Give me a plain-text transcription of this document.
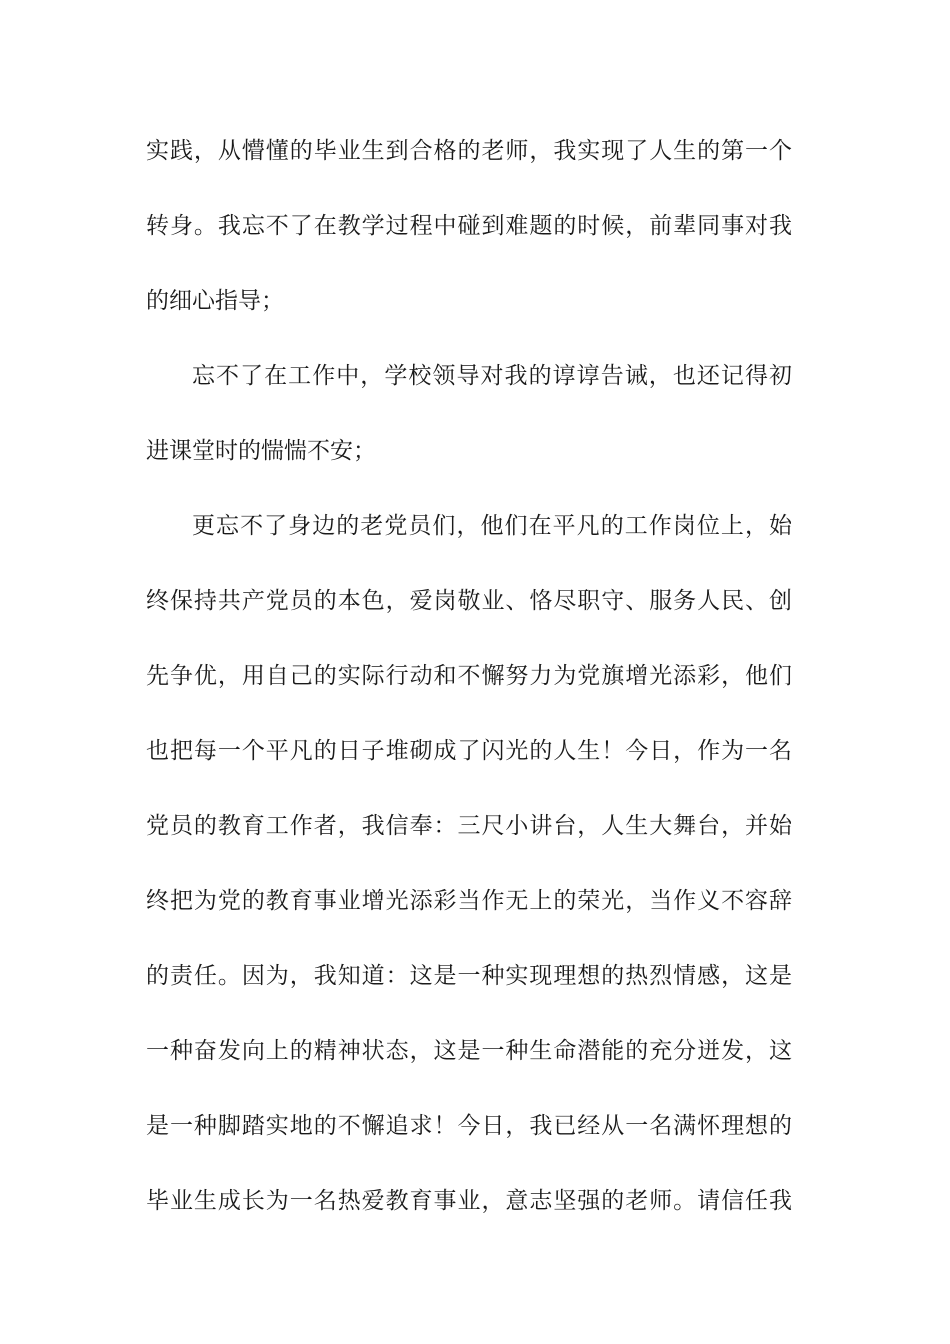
实践，从懵懂的毕业生到合格的老师，我实现了人生的第一个
转身。我忘不了在教学过程中碰到难题的时候，前辈同事对我
的细心指导；
忘不了在工作中，学校领导对我的谆谆告诫，也还记得初
进课堂时的惴惴不安；
更忘不了身边的老党员们，他们在平凡的工作岗位上，始
终保持共产党员的本色，爱岗敬业、恪尽职守、服务人民、创
先争优，用自己的实际行动和不懈努力为党旗增光添彩，他们
也把每一个平凡的日子堆砌成了闪光的人生！今日，作为一名
党员的教育工作者，我信奉：三尺小讲台，人生大舞台，并始
终把为党的教育事业增光添彩当作无上的荣光，当作义不容辞
的责任。因为，我知道：这是一种实现理想的热烈情感，这是
一种奋发向上的精神状态，这是一种生命潜能的充分迸发，这
是一种脚踏实地的不懈追求！今日，我已经从一名满怀理想的
毕业生成长为一名热爱教育事业，意志坚强的老师。请信任我
